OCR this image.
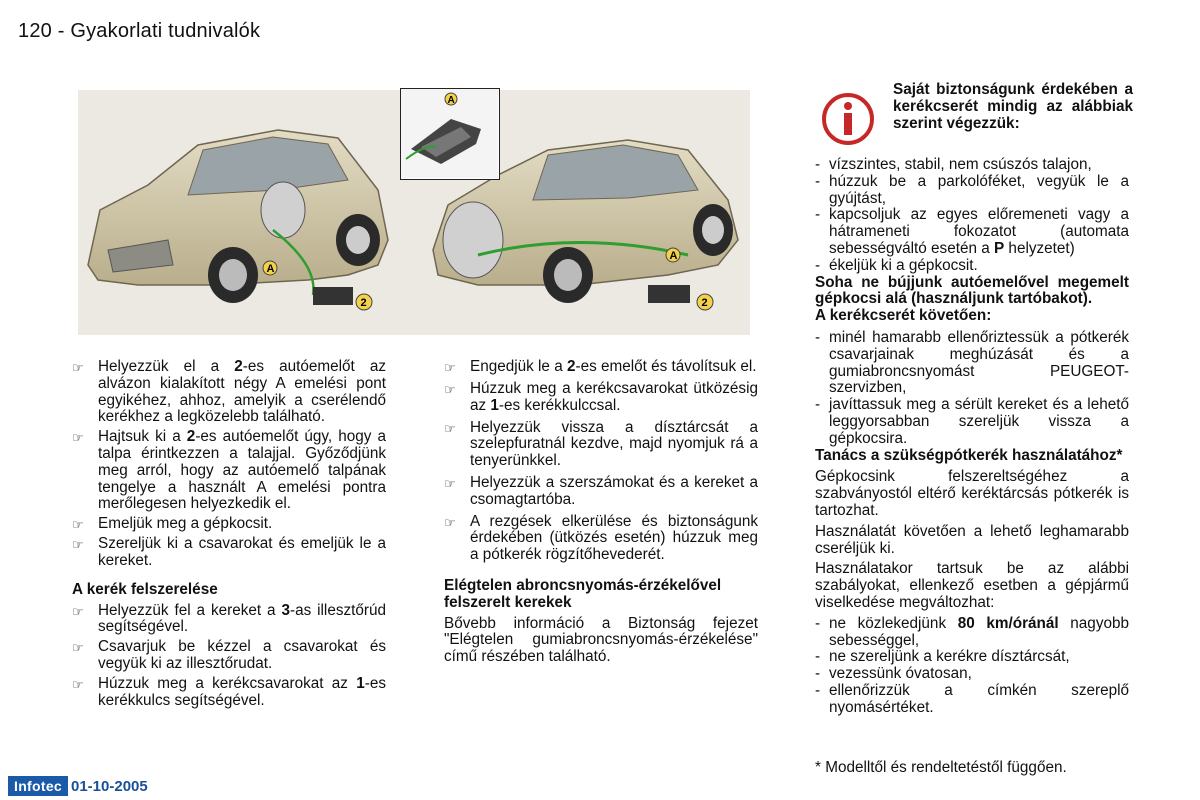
120 - Gyakorlati tudnivalók
A
2	2
A
A
Saját biztonságunk érdekében a kerékcserét mindig az alábbiak szerint végezzük:
☞ Helyezzük el a 2-es autóemelőt az alvázon kialakított négy A emelési pont egyikéhez, ahhoz, amelyik a cserélendő kerékhez a legközelebb található.
☞ Hajtsuk ki a 2-es autóemelőt úgy, hogy a talpa érintkezzen a talajjal. Győződjünk meg arról, hogy az autóemelő talpának tengelye a használt A emelési pontra merőlegesen helyezkedik el.
☞ Emeljük meg a gépkocsit.
☞ Szereljük ki a csavarokat és emeljük le a kereket.
A kerék felszerelése
☞ Helyezzük fel a kereket a 3-as illesztőrúd segítségével.
☞ Csavarjuk be kézzel a csavarokat és vegyük ki az illesztőrudat.
☞ Húzzuk meg a kerékcsavarokat az 1-es kerékkulcs segítségével.
☞ Engedjük le a 2-es emelőt és távolítsuk el.
☞ Húzzuk meg a kerékcsavarokat ütközésig az 1-es kerékkulccsal.
☞ Helyezzük vissza a dísztárcsát a szelepfuratnál kezdve, majd nyomjuk rá a tenyerünkkel.
☞ Helyezzük a szerszámokat és a kereket a csomagtartóba.
☞ A rezgések elkerülése és biztonságunk érdekében (ütközés esetén) húzzuk meg a pótkerék rögzítőhevederét.
Elégtelen abroncsnyomás-érzékelővel felszerelt kerekek

Bővebb információ a Biztonság fejezet "Elégtelen gumiabroncsnyomás-érzékelése" című részében található.

- vízszintes, stabil, nem csúszós talajon,
- húzzuk be a parkolóféket, vegyük le a gyújtást,
- kapcsoljuk az egyes előremeneti vagy a hátrameneti fokozatot (automata sebességváltó esetén a P helyzetet)
- ékeljük ki a gépkocsit.
Soha ne bújjunk autóemelővel megemelt gépkocsi alá (használjunk tartóbakot).
A kerékcserét követően:
- minél hamarabb ellenőriztessük a pótkerék csavarjainak meghúzását és a gumiabroncsnyomást PEUGEOT-szervizben,
- javíttassuk meg a sérült kereket és a lehető leggyorsabban szereljük vissza a gépkocsira.
Tanács a szükségpótkerék használatához*

Gépkocsink felszereltségéhez a szabványostól eltérő keréktárcsás pótkerék is tartozhat.

Használatát követően a lehető leghamarabb cseréljük ki.

Használatakor tartsuk be az alábbi szabályokat, ellenkező esetben a gépjármű viselkedése megváltozhat:

- ne közlekedjünk 80 km/óránál nagyobb sebességgel,
- ne szereljünk a kerékre dísztárcsát,
- vezessünk óvatosan,
- ellenőrizzük a címkén szereplő nyomásértéket.
* Modelltől és rendeltetéstől függően.
Infotec 01-10-2005
